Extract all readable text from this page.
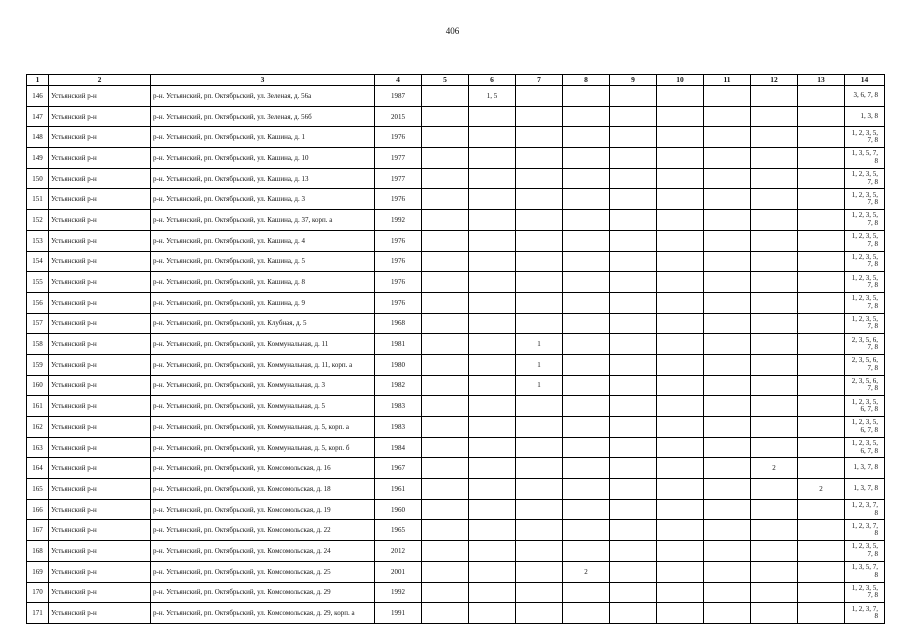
406
1	2	3	4	5	6	7	8	9	10	11	12	13	14
146	Устьянский р-н	р-н. Устьянский, рп. Октябрьский, ул. Зеленая, д. 56а	1987		1, 5								3, 6, 7, 8
147	Устьянский р-н	р-н. Устьянский, рп. Октябрьский, ул. Зеленая, д. 56б	2015										1, 3, 8
148	Устьянский р-н	р-н. Устьянский, рп. Октябрьский, ул. Кашина, д. 1	1976										1, 2, 3, 5, 7, 8
149	Устьянский р-н	р-н. Устьянский, рп. Октябрьский, ул. Кашина, д. 10	1977										1, 3, 5, 7, 8
150	Устьянский р-н	р-н. Устьянский, рп. Октябрьский, ул. Кашина, д. 13	1977										1, 2, 3, 5, 7, 8
151	Устьянский р-н	р-н. Устьянский, рп. Октябрьский, ул. Кашина, д. 3	1976										1, 2, 3, 5, 7, 8
152	Устьянский р-н	р-н. Устьянский, рп. Октябрьский, ул. Кашина, д. 37, корп. а	1992										1, 2, 3, 5, 7, 8
153	Устьянский р-н	р-н. Устьянский, рп. Октябрьский, ул. Кашина, д. 4	1976										1, 2, 3, 5, 7, 8
154	Устьянский р-н	р-н. Устьянский, рп. Октябрьский, ул. Кашина, д. 5	1976										1, 2, 3, 5, 7, 8
155	Устьянский р-н	р-н. Устьянский, рп. Октябрьский, ул. Кашина, д. 8	1976										1, 2, 3, 5, 7, 8
156	Устьянский р-н	р-н. Устьянский, рп. Октябрьский, ул. Кашина, д. 9	1976										1, 2, 3, 5, 7, 8
157	Устьянский р-н	р-н. Устьянский, рп. Октябрьский, ул. Клубная, д. 5	1968										1, 2, 3, 5, 7, 8
158	Устьянский р-н	р-н. Устьянский, рп. Октябрьский, ул. Коммунальная, д. 11	1981			1							2, 3, 5, 6, 7, 8
159	Устьянский р-н	р-н. Устьянский, рп. Октябрьский, ул. Коммунальная, д. 11, корп. а	1980			1							2, 3, 5, 6, 7, 8
160	Устьянский р-н	р-н. Устьянский, рп. Октябрьский, ул. Коммунальная, д. 3	1982			1							2, 3, 5, 6, 7, 8
161	Устьянский р-н	р-н. Устьянский, рп. Октябрьский, ул. Коммунальная, д. 5	1983										1, 2, 3, 5, 6, 7, 8
162	Устьянский р-н	р-н. Устьянский, рп. Октябрьский, ул. Коммунальная, д. 5, корп. а	1983										1, 2, 3, 5, 6, 7, 8
163	Устьянский р-н	р-н. Устьянский, рп. Октябрьский, ул. Коммунальная, д. 5, корп. б	1984										1, 2, 3, 5, 6, 7, 8
164	Устьянский р-н	р-н. Устьянский, рп. Октябрьский, ул. Комсомольская, д. 16	1967								2		1, 3, 7, 8
165	Устьянский р-н	р-н. Устьянский, рп. Октябрьский, ул. Комсомольская, д. 18	1961									2	1, 3, 7, 8
166	Устьянский р-н	р-н. Устьянский, рп. Октябрьский, ул. Комсомольская, д. 19	1960										1, 2, 3, 7, 8
167	Устьянский р-н	р-н. Устьянский, рп. Октябрьский, ул. Комсомольская, д. 22	1965										1, 2, 3, 7, 8
168	Устьянский р-н	р-н. Устьянский, рп. Октябрьский, ул. Комсомольская, д. 24	2012										1, 2, 3, 5, 7, 8
169	Устьянский р-н	р-н. Устьянский, рп. Октябрьский, ул. Комсомольская, д. 25	2001				2						1, 3, 5, 7, 8
170	Устьянский р-н	р-н. Устьянский, рп. Октябрьский, ул. Комсомольская, д. 29	1992										1, 2, 3, 5, 7, 8
171	Устьянский р-н	р-н. Устьянский, рп. Октябрьский, ул. Комсомольская, д. 29, корп. а	1991										1, 2, 3, 7, 8
